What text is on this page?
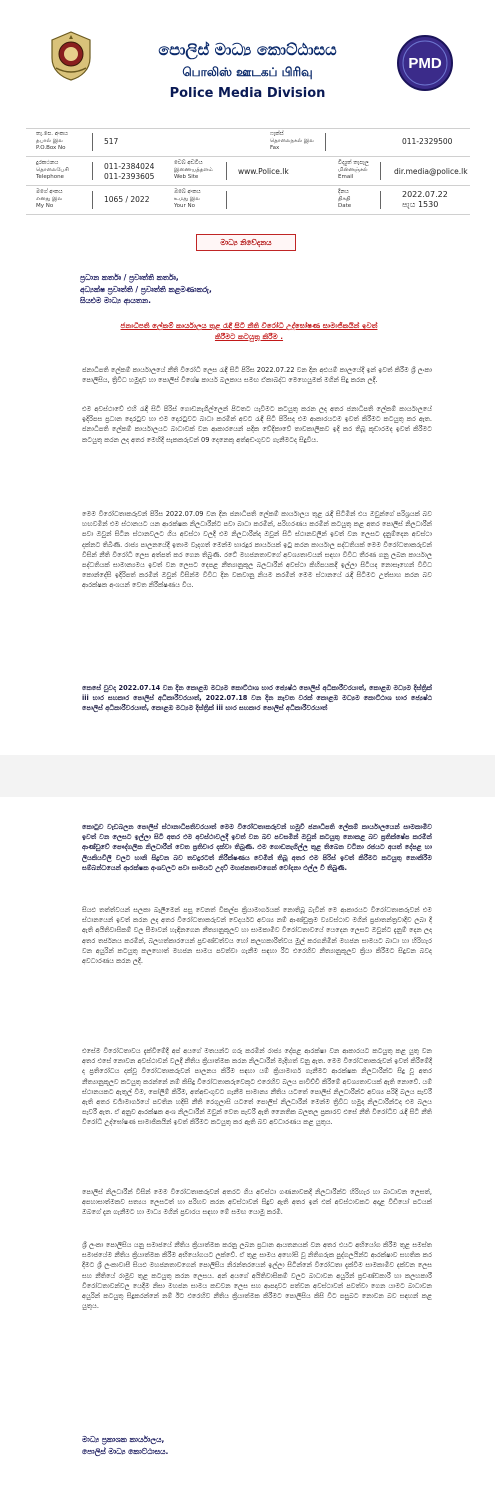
පොලිස් මාධ්‍ය කොට්ඨාසය
பொலிஸ் ஊடகப் பிரிவு
Police Media Division
PMD
තැ.පෙ. අංකය
தபால் இல
P.O.Box No
517
ෆැක්ස්
தொலைநகல் இல
Fax
011-2329500
දුරකථනය
தொலைபேசி
Telephone
011-2384024
011-2393605
වෙබ් අඩවිය
இணையத்தளம்
Web Site
www.Police.lk
විද්‍යුත් තැපෑල
மின்னஞ்சல்
Email
dir.media@police.lk
මගේ අංකය
எனது இல
My No
1065 / 2022
ඔබේ අංකය
உமது இல
Your No
දිනය
திகதி
Date
2022.07.22
පැය 1530
මාධ්‍ය නිවේදනය
ප්‍රධාන කර්තෘ / ප්‍රවෘත්ති කර්තෘ,
අධ්‍යක්ෂ ප්‍රවෘත්ති / ප්‍රවෘත්ති කළමණාකරු,
සියළුම මාධ්‍ය ආයතන.
ජනාධිපති ලේකම් කාර්යාලය තුළ රැඳී සිටි නීති විරෝධී උද්ඝෝෂණ සාමාජිකයින් ඉවත් කිරීමට කටයුතු කිරීම .
ජනාධිපති ලේකම් කාර්යාලයේ නීති විරෝධී ලෙස රැඳී සිටි පිරිස 2022.07.22 වන දින අළුයම් කාලයේදී ඉන් ඉවත් කිරීම ශ්‍රී ලංකා පොලිසිය, ත්‍රිවිධ හමුදාව හා පොලිස් විශේෂ කාර්ය බලකාය සමඟ ඒකාබද්ධ මෙහෙයුමක් මගින් සිදු කරන ලදී.
එම අවස්ථාවේ එහි රැඳී සිටි පිරිස් ගොඩනැගිල්ලෙන් පිටතට යැවීමට කටයුතු කරන ලද අතර ජනාධිපති ලේකම් කාර්යාලයේ ඉදිරිපස ප්‍රධාන දොරටුව හා එම දොරටුවට බාධා කරමින් අවට රැඳී සිටි පිරිසද එම ආකාරයටම ඉවත් කිරීමට කටයුතු කර ඇත. ජනාධිපති ලේකම් කාර්යාලයට බාධාවක් වන ආකාරයෙන් පදික වේදිකාවේ තාවකාලිකව ඉදි කර තිබූ කූඩාරමද ඉවත් කිරීමට කටයුතු කරන ලද අතර මෙහිදී සැකකරුවන් 09 දෙනෙකු අත්අඩංගුවට ගැනීමටද සිදුවිය.
මෙම විරෝධතාකරුවන් පිරිස 2022.07.09 වන දින ජනාධිපති ලේකම් කාර්යාලය තුළ රැඳී සිටිමින් එය ඔවුන්ගේ පරිශ්‍රයක් බව හඟවමින් එම ස්ථානයට යන ආරක්ෂක නිලධාරීන්ට පවා බාධා කරමින්, පරිහරණය කරමින් කටයුතු කළ අතර පොලිස් නිලධාරීන් පවා ඔවුන් සිටින ස්ථානවලට ගිය අවස්ථා වලදී එම නිලධාරීන්ද ඔවුන් සිටි ස්ථානවලින් ඉවත් වන ලෙසට දැනුම්දෙන අවස්ථා දක්නට තිබිණි. රාජ්‍ය පාලනයේදී ඉතාම වැදගත් මෙන්ම භාරදූර කාර්යයක් ඉටු කරන කාර්යාල පද්ධතියක් මෙම විරෝධතාකරුවන් විසින් නීති විරෝධී ලෙස අත්පත් කර ගෙන තිබුණි. රටේ මහජනතාවගේ අවශ්‍යතාවයන් සඳහා විවිධ තීරණ ගනු ලබන කාර්යාල පද්ධතියක් සාමාන්‍යමය ඉවත් වන ලෙසට දෙපළ නීත්‍යානුකූල බලධාරීන් අවස්ථා කිහිපයකදී ඉල්ලා සිටියද නොසෑහෙන් විවිධ කොන්දේසි ඉදිරිපත් කරමින් ඔවුන් විසින්ම විවිධ දින වකවානු නියම කරමින් මෙම ස්ථානයේ රැඳී සිටීමට උත්සාහ කරන බව ආරක්ෂක අංශයන් වෙත නිරීක්ෂණය විය.
කෙසේ වුවද 2022.07.14 වන දින කොළඹ මධ්‍යම කොට්ඨාශ භාර ජ්‍යෙෂ්ඨ පොලිස් අධිකාරීවරයාත්, කොළඹ මධ්‍යම දිස්ත්‍රික් iii භාර සහකාර පොලිස් අධිකාරීවරයාත්, 2022.07.18 වන දින නැවත වරක් කොළඹ මධ්‍යම කොට්ඨාශ භාර ජ්‍යෙෂ්ඨ පොලිස් අධිකාරීවරයාත්, කොළඹ මධ්‍යම දිස්ත්‍රික් iii භාර සහකාර පොලිස් අධිකාරීවරයාත්
කොටුව වැඩබලන පොලිස් ස්ථානාධිපතිවරයාත් මෙම විරෝධතාකරුවන් හමුවී ජනාධිපති ලේකම් කාර්යාලයෙන් සාමකාමීව ඉවත් වන ලෙසට ඉල්ලා සිටි අතර එම අවස්ථාවලදී ඉවත් වන බව පවසමින් ඔවුන් කටයුතු නොකළ බව ප්‍රතික්ෂේප කරමින් ආණ්ඩුවේ පෞද්ගලික නිලධාරීන් වෙත ප්‍රතිචාර දක්වා තිබුණි. එම ගොඩනැගිල්ල තුළ තිබෙන වටිනා රජයට අයත් දේපළ හා ලියකියවිලි වලට හානි සිදුවන බව තවදුරටත් නිරීක්ෂණය වෙමින් තිබූ අතර එම පිරිස් ඉවත් කිරීමට කටයුතු නොකිරීම සම්බන්ධයෙන් ආරක්ෂක අංශවලට පවා සාමයට උදව් මහජනතාවගෙන් චෝදනා එල්ල වී තිබුණි.
සියළු තත්ත්වයන් සලකා බැලීමෙන් පසු වෙනත් විකල්ප ක්‍රියාමාර්ගයක් නොතිබූ බැවින් මෙ ආකාරයට විරෝධතාකරුවන් එම ස්ථානයෙන් ඉවත් කරන ලද අතර විරෝධතාකරුවන් වෙදර්යට අවශ්‍ය නම් ආණ්ඩුක්‍රම ව්‍යවස්ථාව මගින් ප්‍රජාතන්ත්‍රවාදීව ලබා දී ඇති අයිතිවාසිකම් වල සීමාවන් හැඳිනගෙන නීත්‍යානුකූලව හා සාමකාමීව විරෝධතාවයේ යෙදෙන ලෙසට ඔවුන්ට දැනුම් දෙන ලද අතර තර්ජනය කරමින්, බලහත්කාරයෙන් ප්‍රචණ්ඩත්වය හෝ කලහකාරීත්වය මුල් කරගනිමින් මහජන සාමයට බාධා හා හිරිහැර වන අයුරින් කටයුතු කලහොත් මහජන සාමය පවත්වා ගැනීම සඳහා රීට එරෙහිව නීත්‍යානුකූලව ක්‍රියා කිරීමට සිදුවන බවද අවධාරණය කරන ලදී.
එසේම විරෝධතාවය දැක්වීමේදී අප් අයගේ මතයන්ට ගරු කරමින් රාජ්‍ය දේපළ ආරක්ෂා වන ආකාරයට කටයුතු කළ යුතු වන අතර එසේ නොවන අවස්ථාවන් වලදී නීතිය ක්‍රියාත්මක කරන නිලධාරීන් මැදිහත් වනු ඇත. මෙම විරෝධතාකරුවන් ඉවත් කිරීමේදී ද ප්‍රතිරෝධය දක්වූ විරෝධතාකරුවන් පාලනය කිරීම සඳහා යම් ක්‍රියාමාර්ග ගැනීමට ආරක්ෂක නිලධාරීන්ට සිදු වූ අතර නීත්‍යානුකූලව කටයුතු කරන්නේ නම් කිසිදු විරෝධතාකරුවෙකුට එරෙහිව බලය පාවිච්චි කිරීමේ අවශ්‍යතාවයක් ඇති නොවේ. යම් ස්ථානයකට ඇතුල් වීම, පෝලිම් කිරීම, අත්අඩංගුවට ගැනීම සාමාන්‍ය නීතිය යටතේ පොලිස් නිලධාරීන්ට අවශ්‍ය පරිදි බලය පැවරී ඇති අතර චර්‍යාමාර්ගයේ පවතින හදිසි නීති රෙගුලාසි යටතේ පොලිස් නිලධාරීන් මෙන්ම ත්‍රිවිධ හමුදා නිලධාරීන්ටද එම බලය පැවරී ඇත. ඒ අනුව ආරක්ෂක අංශ නිලධාරීන් ඔවුන් වෙත පැවරී ඇති නෛතික බලතල ප්‍රකාරව එසේ නීති විරෝධීව රැඳී සිටි නීති විරෝධී උද්ඝෝෂණ සාමාජිකයින් ඉවත් කිරීමට කටයුතු කර ඇති බව අවධාරණය කළ යුතුය.
පොලිස් නිලධාරීන් විසින් මෙම විරෝධතාකරුවන් අතරට ගිය අවස්ථා ගණනාවකදී නිලධාරීන්ට හිරිහැර හා බාධාවන ලෙසත්, අපහාසාත්මකව සත්‍යය ලෙසටත් හා පරිහව කරන අවස්ථාවන් සිදුව ඇති අතර ඉන් එක් අවස්ථාවකට අදාළ වීඩියෝ පටයක් ඔබගේ දැන ගැනීමට හා මාධ්‍ය මගින් ප්‍රචාරය සඳහා මේ සමඟ යොමු කරමි.
ශ්‍රී ලංකා පොලිසිය යනු සමාජයේ නීතිය ක්‍රියාත්මක කරනු ලබන ප්‍රධාන ආයතනයක් වන අතර එයට අභියෝග කිරීම තුළ සමස්ත සමාජයේම නීතිය ක්‍රියාත්මක කිරීම අභියෝගයට ලක්වේ. ඒ තුළ සාමය අහෝසි වූ නිතිගරුක පුද්ගලයින්ට ආරක්ෂාව සහතික කර දීමට ශ්‍රී ලංකාවාසී සියළු මහජනතාවගෙන් පොලිසිය නිරන්තරයෙන් ඉල්ලා සිටින්නේ විරෝධතා දැක්වීම සාමකාමීව දක්වන ලෙස සහ නීතියේ රාමුව තුළ කටයුතු කරන ලෙසය. අන් අයගේ අයිතිවාසිකම් වලට බාධාවන අයුරින් ප්‍රචණ්ඩකාරී හා කලහකාරී විරෝධතාවන්වල යෙදීම නිසා මහජන සාමය කඩවන ලෙස සහ ආපදාවට පත්වන අවස්ථාවන් පවත්වා ගෙන යාමට බාධාවන අයුරින් කටයුතු සිදුකරන්නේ නම් ඊට එරෙහිව නීතිය ක්‍රියාත්මක කිරීමට පොලිසිය කිසි විට පසුබට නොවන බව සඳහන් කළ යුතුය.
මාධ්‍ය ප්‍රකාශක කාර්යාලය,
පොලිස් මාධ්‍ය කොට්ඨාසය.
